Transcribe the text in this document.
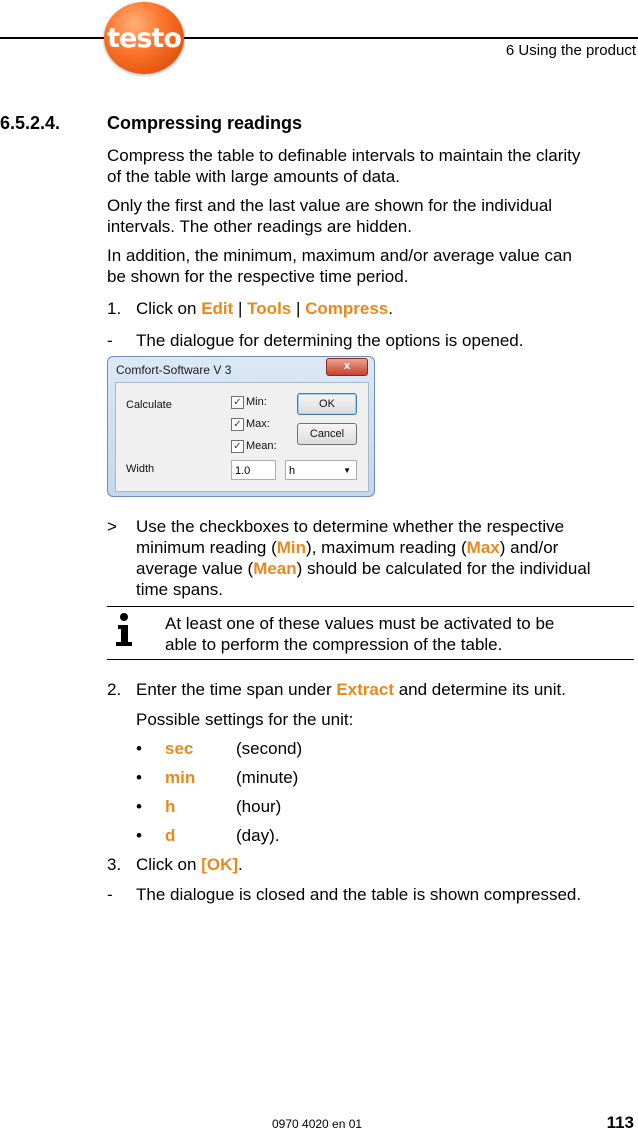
testo	6 Using the product
6.5.2.4.	Compressing readings
Compress the table to definable intervals to maintain the clarity
of the table with large amounts of data.
Only the first and the last value are shown for the individual
intervals. The other readings are hidden.
In addition, the minimum, maximum and/or average value can
be shown for the respective time period.
1. Click on Edit | Tools | Compress.
- The dialogue for determining the options is opened.
Comfort-Software V 3	x
Calculate	✓ Min:
✓ Max:
✓ Mean:
OK
Cancel
Width	1.0	h	▼
> Use the checkboxes to determine whether the respective
minimum reading (Min), maximum reading (Max) and/or
average value (Mean) should be calculated for the individual
time spans.
At least one of these values must be activated to be
able to perform the compression of the table.
2. Enter the time span under Extract and determine its unit.
Possible settings for the unit:
• sec	(second)
• min (minute)
• h	(hour)
• d	(day).
3. Click on [OK].
- The dialogue is closed and the table is shown compressed.
0970 4020 en 01	113
